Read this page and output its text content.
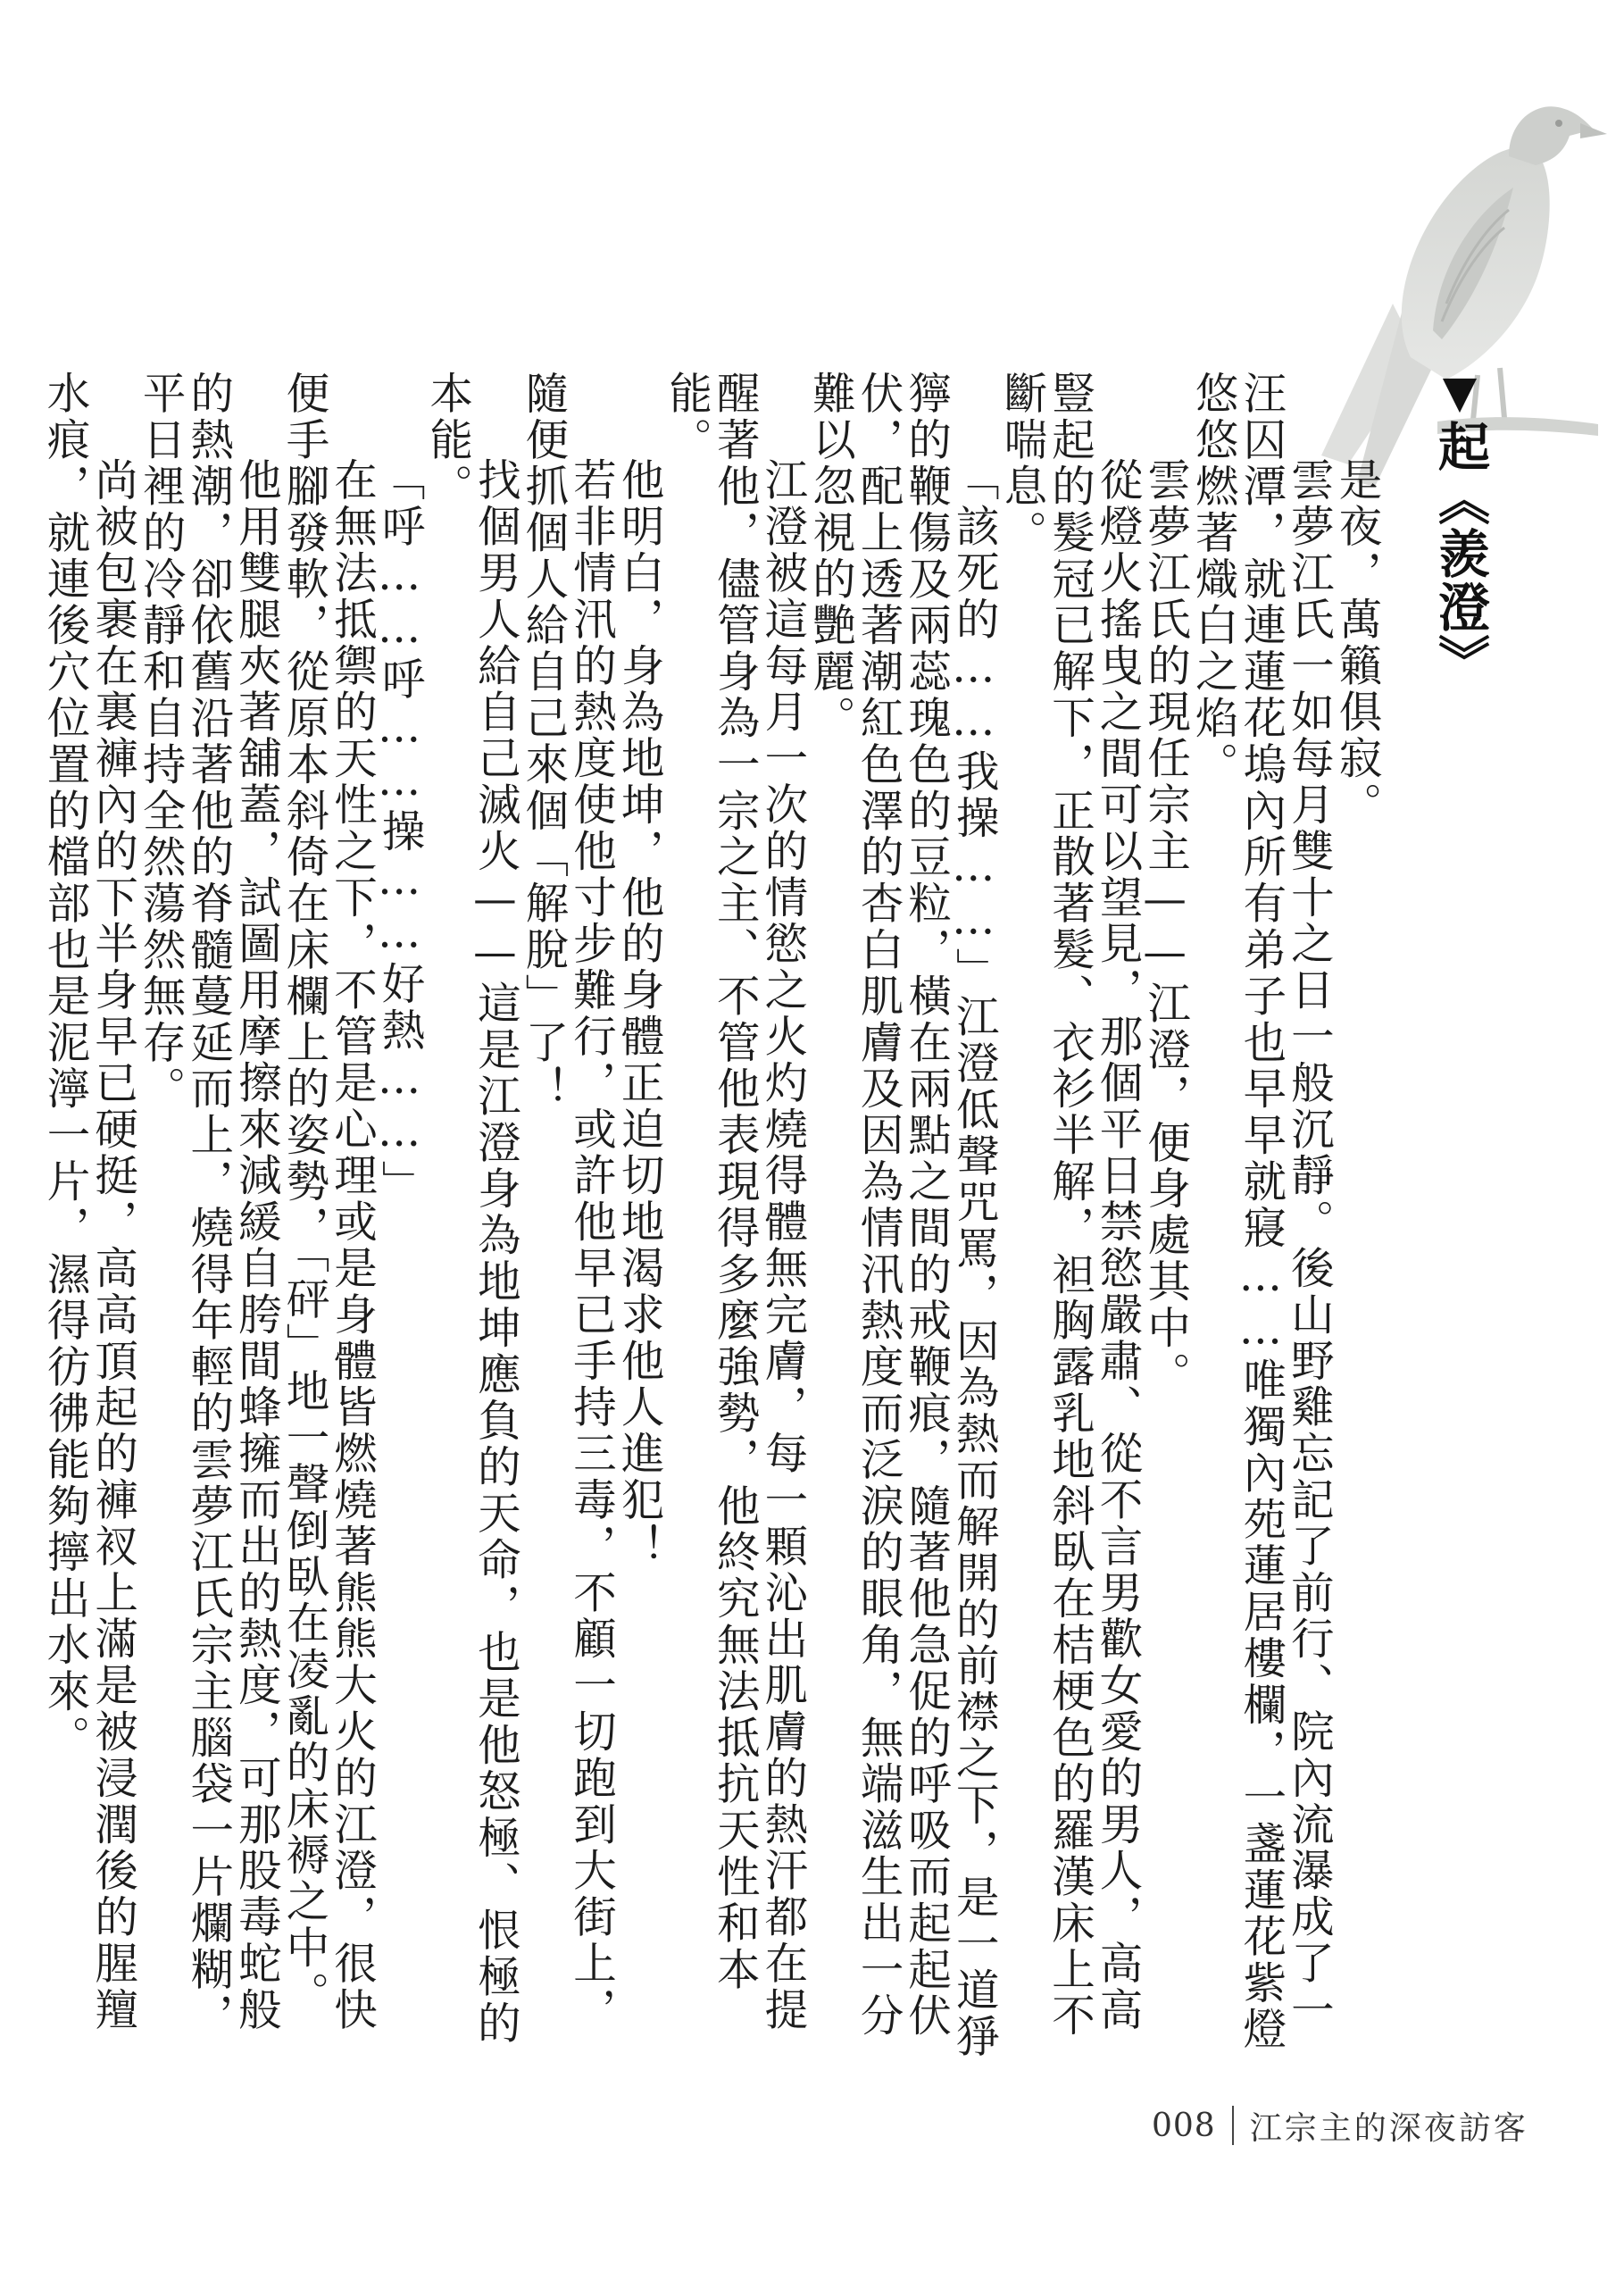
▼起《羨澄》

是夜，萬籟俱寂。

雲夢江氏一如每月雙十之日一般沉靜。後山野雞忘記了前行、院內流瀑成了一汪囚潭，就連蓮花塢內所有弟子也早早就寢……唯獨內苑蓮居樓欄，一盞蓮花紫燈悠悠燃著熾白之焰。

雲夢江氏的現任宗主——江澄，便身處其中。

從燈火搖曳之間可以望見，那個平日禁慾嚴肅、從不言男歡女愛的男人，高高豎起的髮冠已解下，正散著髮、衣衫半解，袒胸露乳地斜臥在桔梗色的羅漢床上不斷喘息。

「該死的……我操……」江澄低聲咒罵，因為熱而解開的前襟之下，是一道猙獰的鞭傷及兩蕊瑰色的豆粒，橫在兩點之間的戒鞭痕，隨著他急促的呼吸而起起伏伏，配上透著潮紅色澤的杏白肌膚及因為情汛熱度而泛淚的眼角，無端滋生出一分難以忽視的艷麗。

江澄被這每月一次的情慾之火灼燒得體無完膚，每一顆沁出肌膚的熱汗都在提醒著他，儘管身為一宗之主、不管他表現得多麼強勢，他終究無法抵抗天性和本能。

他明白，身為地坤，他的身體正迫切地渴求他人進犯！

若非情汛的熱度使他寸步難行，或許他早已手持三毒，不顧一切跑到大街上，隨便抓個人給自己來個「解脫」了！

找個男人給自己滅火——這是江澄身為地坤應負的天命，也是他怒極、恨極的本能。

「呼……呼……操……好熱……」

在無法抵禦的天性之下，不管是心理或是身體皆燃燒著熊熊大火的江澄，很快便手腳發軟，從原本斜倚在床欄上的姿勢，「砰」地一聲倒臥在凌亂的床褥之中。

他用雙腿夾著舖蓋，試圖用摩擦來減緩自胯間蜂擁而出的熱度，可那股毒蛇般的熱潮，卻依舊沿著他的脊髓蔓延而上，燒得年輕的雲夢江氏宗主腦袋一片爛糊，平日裡的冷靜和自持全然蕩然無存。

尚被包裹在裏褲內的下半身早已硬挺，高高頂起的褲衩上滿是被浸潤後的腥羶水痕，就連後穴位置的檔部也是泥濘一片，濕得彷彿能夠擰出水來。

008 江宗主的深夜訪客
